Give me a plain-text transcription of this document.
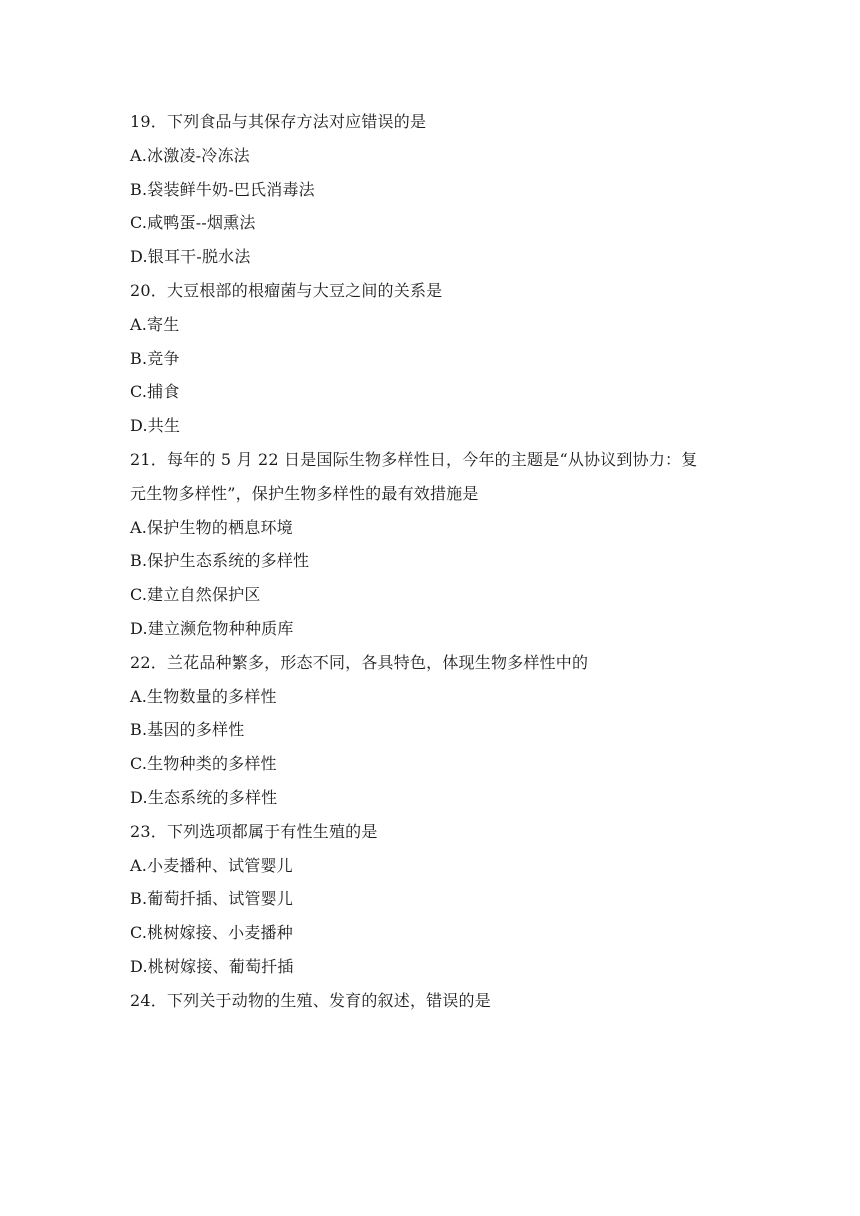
19．下列食品与其保存方法对应错误的是
A.冰激凌-冷冻法
B.袋装鲜牛奶-巴氏消毒法
C.咸鸭蛋--烟熏法
D.银耳干-脱水法
20．大豆根部的根瘤菌与大豆之间的关系是
A.寄生
B.竞争
C.捕食
D.共生
21．每年的 5 月 22 日是国际生物多样性日，今年的主题是“从协议到协力：复
元生物多样性”，保护生物多样性的最有效措施是
A.保护生物的栖息环境
B.保护生态系统的多样性
C.建立自然保护区
D.建立濒危物种种质库
22．兰花品种繁多，形态不同，各具特色，体现生物多样性中的
A.生物数量的多样性
B.基因的多样性
C.生物种类的多样性
D.生态系统的多样性
23．下列选项都属于有性生殖的是
A.小麦播种、试管婴儿
B.葡萄扦插、试管婴儿
C.桃树嫁接、小麦播种
D.桃树嫁接、葡萄扦插
24．下列关于动物的生殖、发育的叙述，错误的是
